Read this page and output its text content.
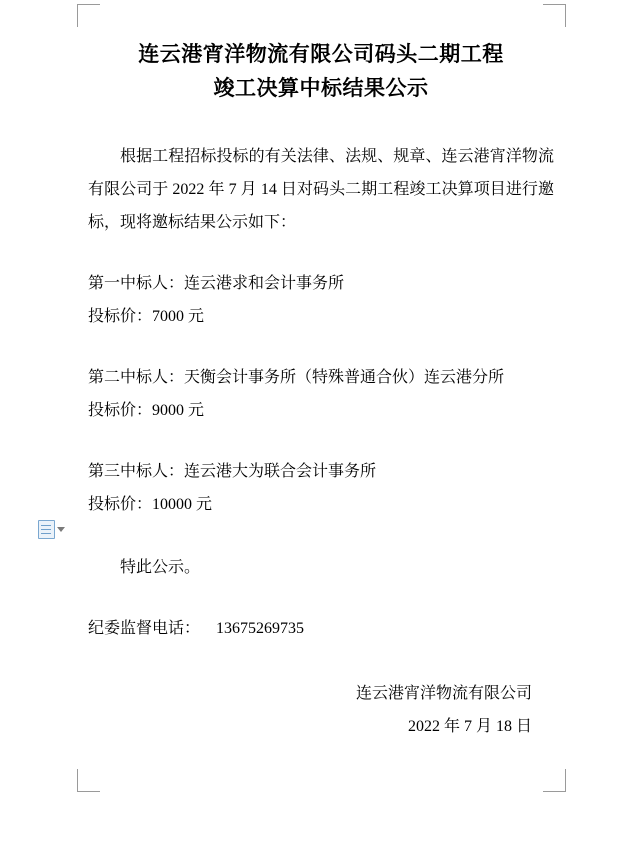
连云港宵洋物流有限公司码头二期工程
竣工决算中标结果公示

根据工程招标投标的有关法律、法规、规章、连云港宵洋物流有限公司于 2022 年 7 月 14 日对码头二期工程竣工决算项目进行邀标，现将邀标结果公示如下：

第一中标人：连云港求和会计事务所
投标价：7000 元
第二中标人：天衡会计事务所（特殊普通合伙）连云港分所
投标价：9000 元
第三中标人：连云港大为联合会计事务所
投标价：10000 元

特此公示。

纪委监督电话： 13675269735

连云港宵洋物流有限公司
2022 年 7 月 18 日
